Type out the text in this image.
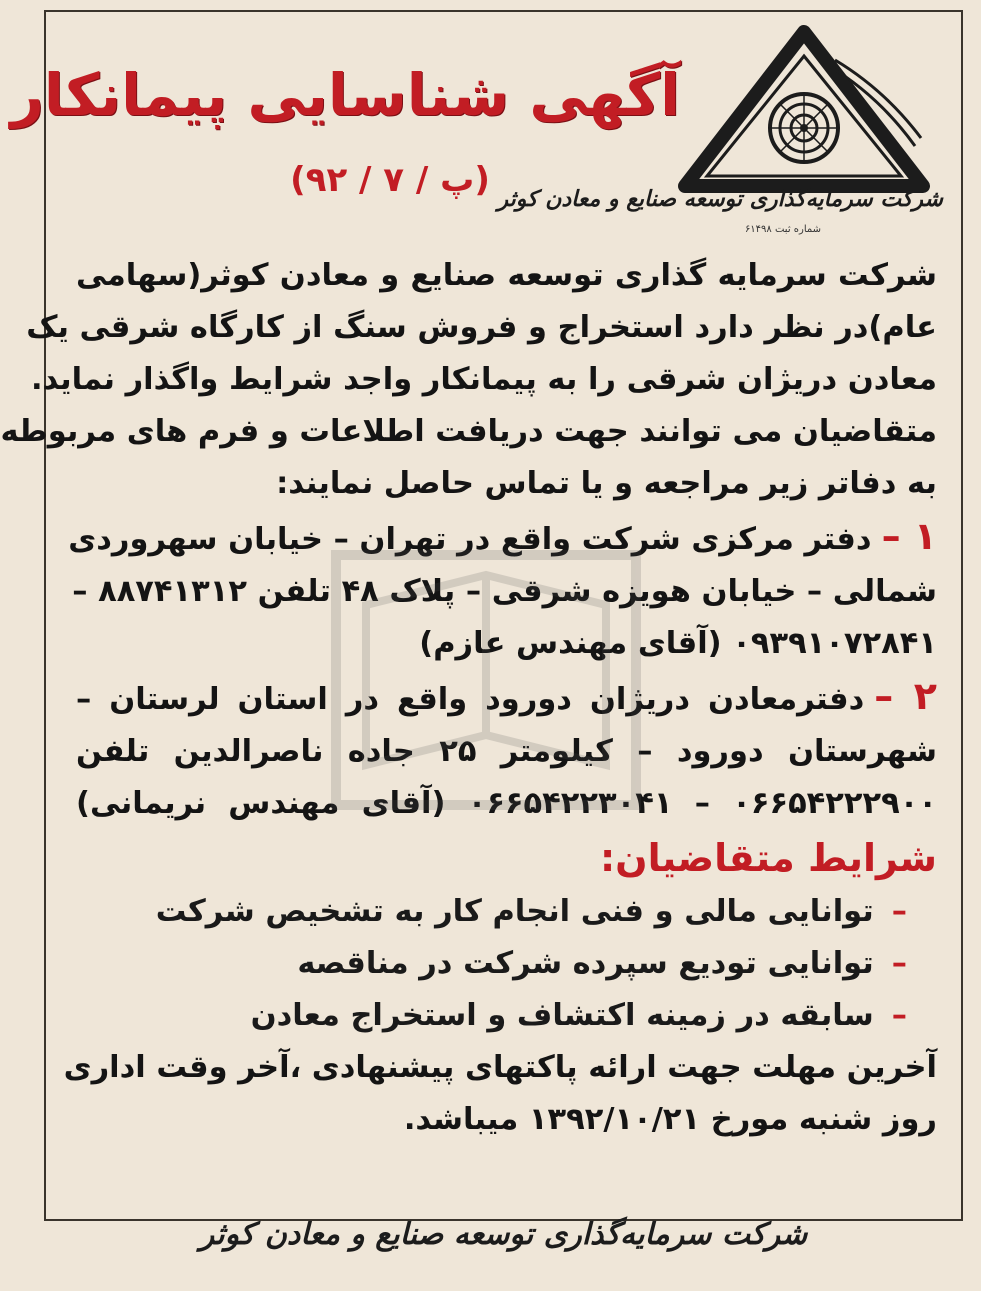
شرکت سرمایه‌گذاری توسعه صنایع و معادن کوثر
شماره ثبت ۶۱۴۹۸
آگهی شناسایی پیمانکار
(پ / ۷ / ۹۲)
شرکت سرمایه گذاری توسعه صنایع و معادن کوثر(سهامی
عام)در نظر دارد استخراج و فروش سنگ از کارگاه شرقی یک
معادن دریژان شرقی را به پیمانکار واجد شرایط واگذار نماید.
متقاضیان می توانند جهت دریافت اطلاعات و فرم های مربوطه
به دفاتر زیر مراجعه و یا تماس حاصل نمایند:
۱ –دفتر مرکزی شرکت واقع در تهران – خیابان سهروردی
شمالی – خیابان هویزه شرقی – پلاک ۴۸ تلفن ۸۸۷۴۱۳۱۲ –
۰۹۳۹۱۰۷۲۸۴۱ (آقای مهندس عازم)
۲ –دفترمعادن دریژان دورود واقع در استان لرستان –
شهرستان دورود – کیلومتر ۲۵ جاده ناصرالدین تلفن
۰۶۶۵۴۲۲۲۹۰۰ – ۰۶۶۵۴۲۲۳۰۴۱ (آقای مهندس نریمانی)
شرایط متقاضیان:
–توانایی مالی و فنی انجام کار به تشخیص شرکت
–توانایی تودیع سپرده شرکت در مناقصه
–سابقه در زمینه اکتشاف و استخراج معادن
آخرین مهلت جهت ارائه پاکتهای پیشنهادی ،آخر وقت اداری
روز شنبه مورخ ۱۳۹۲/۱۰/۲۱ میباشد.
شرکت سرمایه‌گذاری توسعه صنایع و معادن کوثر
